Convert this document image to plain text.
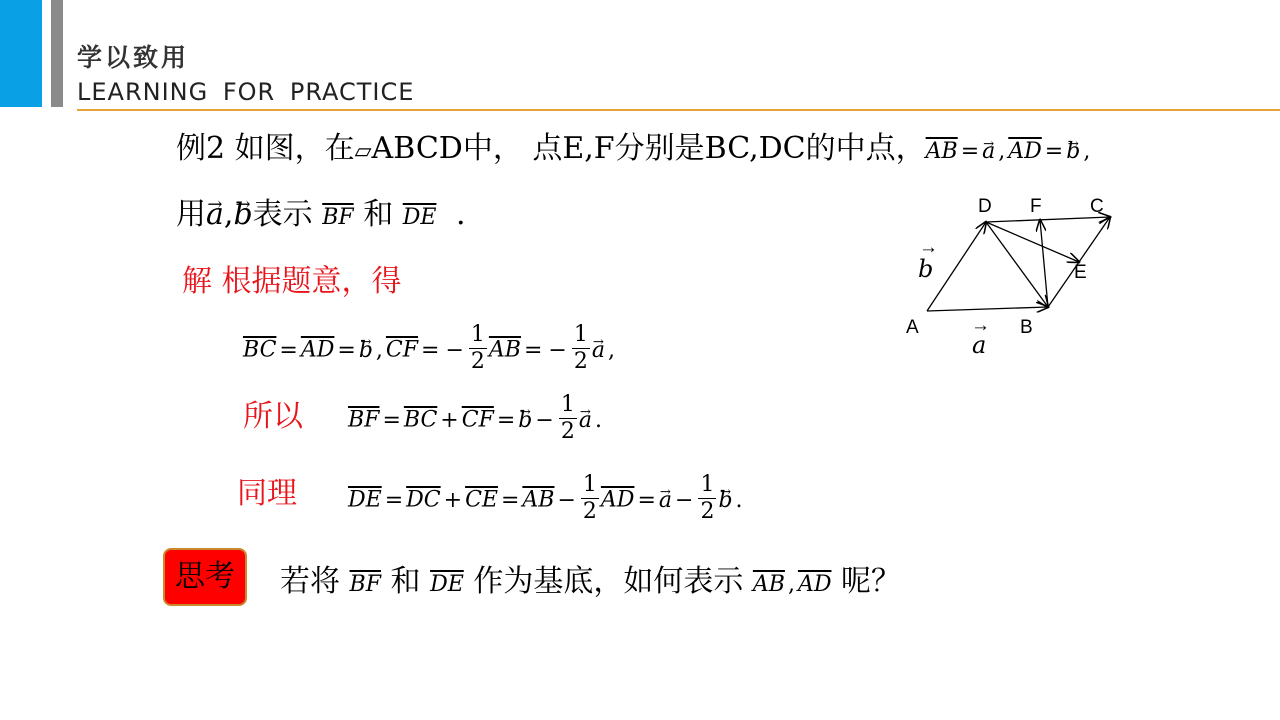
学以致用
LEARNING FOR PRACTICE
例2 如图，在▱ABCD中， 点E,F分别是BC,DC的中点，$\overline{AB}$ = → a , $\overline{AD}$ = → b ,
用→ a,→ b表示 $\overline{BF}$ 和 $\overline{DE}$ .
解 根据题意，得
$\overline{BC} = \overline{AD}$ = → b , $\overline{CF}$ = − $\frac{1}{2} \overline{AB}$ = − $\frac{1}{2} \to a$ ,
所以 $\overline{BF} = \overline{BC} + \overline{CF}$ = → $b - \frac{1}{2} \to a$ .
同理 $\overline{DE} = \overline{DC} + \overline{CE} = \overline{AB} - \frac{1}{2} \overline{AD}$ = → $a - \frac{1}{2} \to b$ .
思考	若将 $\overline{BF}$ 和 $\overline{DE}$ 作为基底，如何表示 $\overline{AB}$ , $\overline{AD}$ 呢？
A	B
C
D
E
F
a
→
b
→
